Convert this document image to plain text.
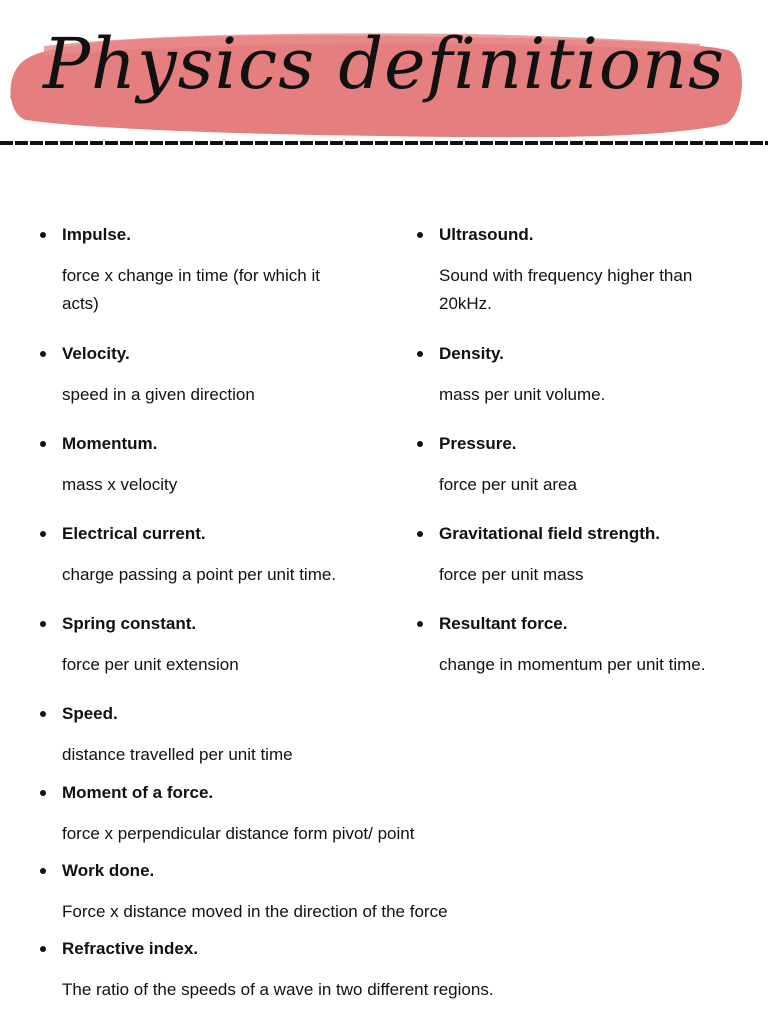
Physics definitions
Impulse.
force x change in time (for which it acts)
Velocity.
speed in a given direction
Momentum.
mass x velocity
Electrical current.
charge passing a point per unit time.
Spring constant.
force per unit extension
Speed.
distance travelled per unit time
Moment of a force.
force x perpendicular distance form pivot/ point
Work done.
Force x distance moved in the direction of the force
Refractive index.
The ratio of the speeds of a wave in two different regions.
Ultrasound.
Sound with frequency higher than 20kHz.
Density.
mass per unit volume.
Pressure.
force per unit area
Gravitational field strength.
force per unit mass
Resultant force.
change in momentum per unit time.
